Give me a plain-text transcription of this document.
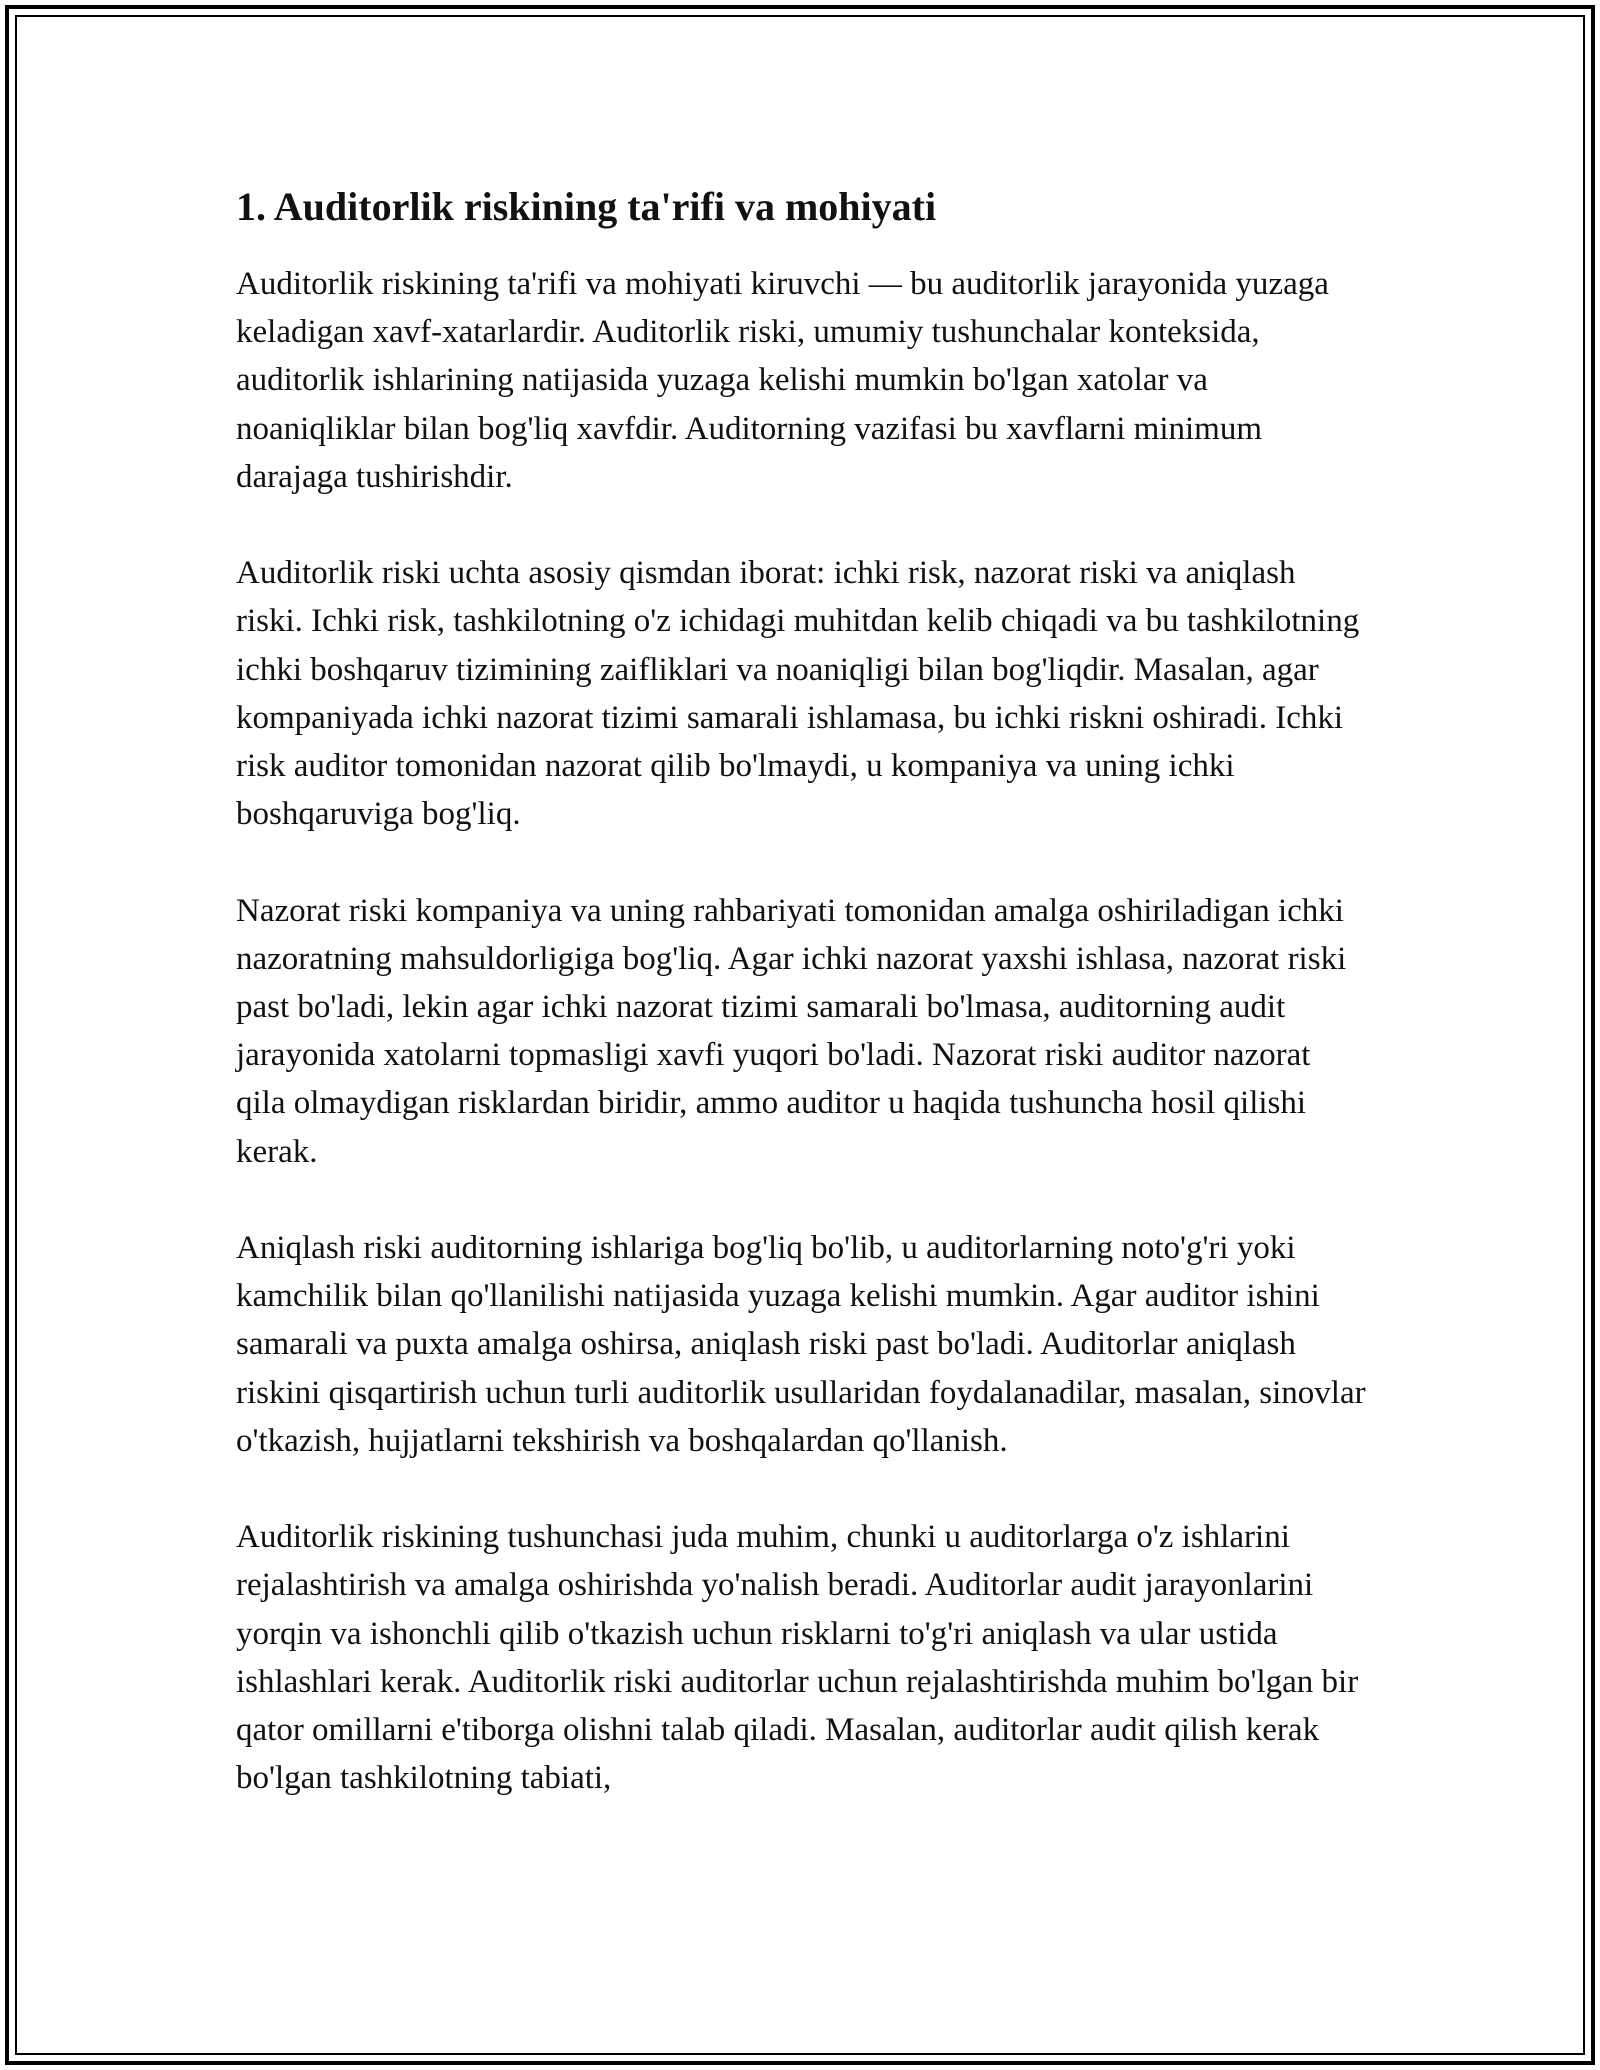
1. Auditorlik riskining ta'rifi va mohiyati

Auditorlik riskining ta'rifi va mohiyati kiruvchi — bu auditorlik jarayonida yuzaga keladigan xavf-xatarlardir. Auditorlik riski, umumiy tushunchalar konteksida, auditorlik ishlarining natijasida yuzaga kelishi mumkin bo'lgan xatolar va noaniqliklar bilan bog'liq xavfdir. Auditorning vazifasi bu xavflarni minimum darajaga tushirishdir.

Auditorlik riski uchta asosiy qismdan iborat: ichki risk, nazorat riski va aniqlash riski. Ichki risk, tashkilotning o'z ichidagi muhitdan kelib chiqadi va bu tashkilotning ichki boshqaruv tizimining zaifliklari va noaniqligi bilan bog'liqdir. Masalan, agar kompaniyada ichki nazorat tizimi samarali ishlamasa, bu ichki riskni oshiradi. Ichki risk auditor tomonidan nazorat qilib bo'lmaydi, u kompaniya va uning ichki boshqaruviga bog'liq.

Nazorat riski kompaniya va uning rahbariyati tomonidan amalga oshiriladigan ichki nazoratning mahsuldorligiga bog'liq. Agar ichki nazorat yaxshi ishlasa, nazorat riski past bo'ladi, lekin agar ichki nazorat tizimi samarali bo'lmasa, auditorning audit jarayonida xatolarni topmasligi xavfi yuqori bo'ladi. Nazorat riski auditor nazorat qila olmaydigan risklardan biridir, ammo auditor u haqida tushuncha hosil qilishi kerak.

Aniqlash riski auditorning ishlariga bog'liq bo'lib, u auditorlarning noto'g'ri yoki kamchilik bilan qo'llanilishi natijasida yuzaga kelishi mumkin. Agar auditor ishini samarali va puxta amalga oshirsa, aniqlash riski past bo'ladi. Auditorlar aniqlash riskini qisqartirish uchun turli auditorlik usullaridan foydalanadilar, masalan, sinovlar o'tkazish, hujjatlarni tekshirish va boshqalardan qo'llanish.

Auditorlik riskining tushunchasi juda muhim, chunki u auditorlarga o'z ishlarini rejalashtirish va amalga oshirishda yo'nalish beradi. Auditorlar audit jarayonlarini yorqin va ishonchli qilib o'tkazish uchun risklarni to'g'ri aniqlash va ular ustida ishlashlari kerak. Auditorlik riski auditorlar uchun rejalashtirishda muhim bo'lgan bir qator omillarni e'tiborga olishni talab qiladi. Masalan, auditorlar audit qilish kerak bo'lgan tashkilotning tabiati,
